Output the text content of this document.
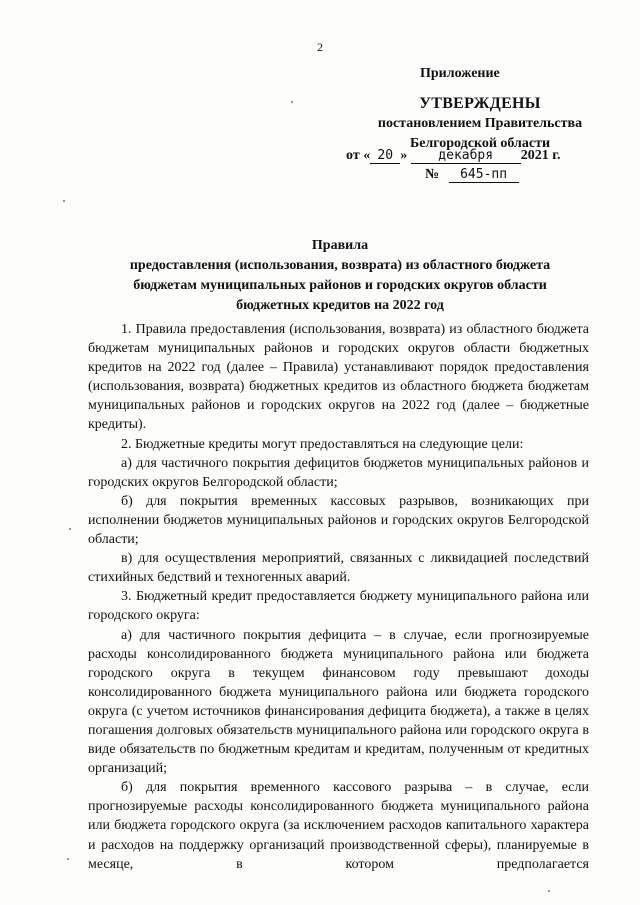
2
Приложение
УТВЕРЖДЕНЫ
постановлением Правительства
Белгородской области
от « 20 » декабря 2021 г.
№ 645-пп
Правила
предоставления (использования, возврата) из областного бюджета
бюджетам муниципальных районов и городских округов области
бюджетных кредитов на 2022 год

1. Правила предоставления (использования, возврата) из областного бюджета бюджетам муниципальных районов и городских округов области бюджетных кредитов на 2022 год (далее – Правила) устанавливают порядок предоставления (использования, возврата) бюджетных кредитов из областного бюджета бюджетам муниципальных районов и городских округов на 2022 год (далее – бюджетные кредиты).

2. Бюджетные кредиты могут предоставляться на следующие цели:

а) для частичного покрытия дефицитов бюджетов муниципальных районов и городских округов Белгородской области;

б) для покрытия временных кассовых разрывов, возникающих при исполнении бюджетов муниципальных районов и городских округов Белгородской области;

в) для осуществления мероприятий, связанных с ликвидацией последствий стихийных бедствий и техногенных аварий.

3. Бюджетный кредит предоставляется бюджету муниципального района или городского округа:

а) для частичного покрытия дефицита – в случае, если прогнозируемые расходы консолидированного бюджета муниципального района или бюджета городского округа в текущем финансовом году превышают доходы консолидированного бюджета муниципального района или бюджета городского округа (с учетом источников финансирования дефицита бюджета), а также в целях погашения долговых обязательств муниципального района или городского округа в виде обязательств по бюджетным кредитам и кредитам, полученным от кредитных организаций;

б) для покрытия временного кассового разрыва – в случае, если прогнозируемые расходы консолидированного бюджета муниципального района или бюджета городского округа (за исключением расходов капитального характера и расходов на поддержку организаций производственной сферы), планируемые в месяце, в котором предполагается
